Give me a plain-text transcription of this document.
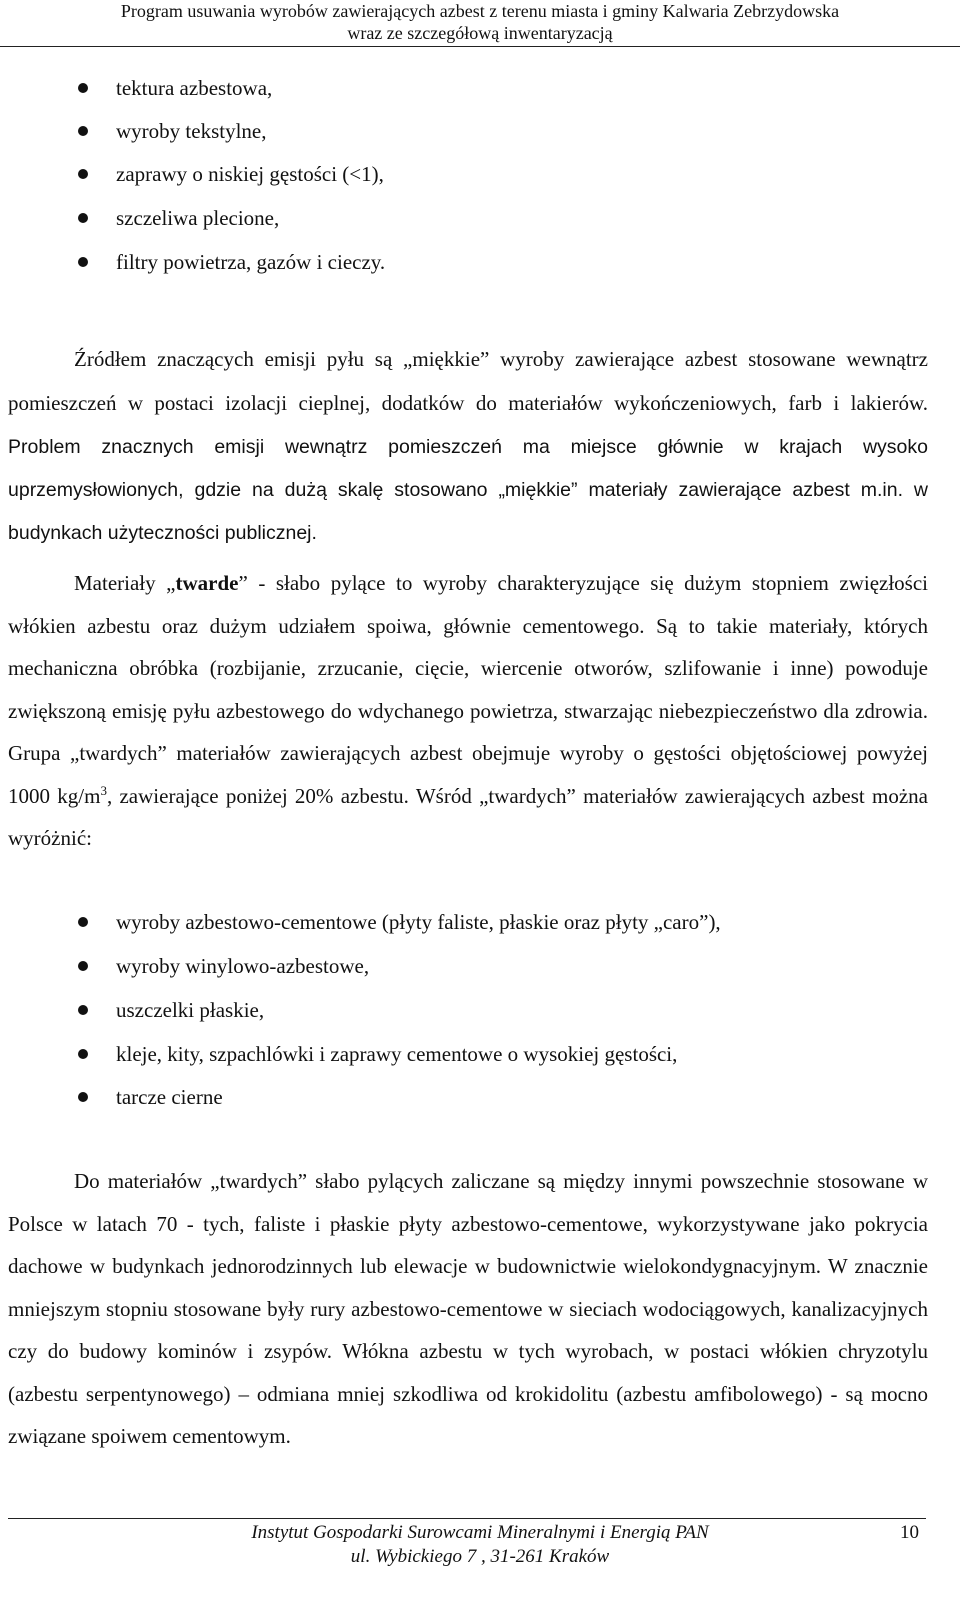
Program usuwania wyrobów zawierających azbest z terenu miasta i gminy Kalwaria Zebrzydowska
wraz ze szczegółową inwentaryzacją
tektura azbestowa,
wyroby tekstylne,
zaprawy o niskiej gęstości (<1),
szczeliwa plecione,
filtry powietrza, gazów i cieczy.
Źródłem znaczących emisji pyłu są „miękkie” wyroby zawierające azbest stosowane wewnątrz pomieszczeń w postaci izolacji cieplnej, dodatków do materiałów wykończeniowych, farb i lakierów. Problem znacznych emisji wewnątrz pomieszczeń ma miejsce głównie w krajach wysoko uprzemysłowionych, gdzie na dużą skalę stosowano „miękkie” materiały zawierające azbest m.in. w budynkach użyteczności publicznej.
Materiały „twarde” - słabo pylące to wyroby charakteryzujące się dużym stopniem zwięzłości włókien azbestu oraz dużym udziałem spoiwa, głównie cementowego. Są to takie materiały, których mechaniczna obróbka (rozbijanie, zrzucanie, cięcie, wiercenie otworów, szlifowanie i inne) powoduje zwiększoną emisję pyłu azbestowego do wdychanego powietrza, stwarzając niebezpieczeństwo dla zdrowia. Grupa „twardych” materiałów zawierających azbest obejmuje wyroby o gęstości objętościowej powyżej 1000 $kg/m^3$, zawierające poniżej 20% azbestu. Wśród „twardych” materiałów zawierających azbest można wyróżnić:
wyroby azbestowo-cementowe (płyty faliste, płaskie oraz płyty „caro”),
wyroby winylowo-azbestowe,
uszczelki płaskie,
kleje, kity, szpachlówki i zaprawy cementowe o wysokiej gęstości,
tarcze cierne
Do materiałów „twardych” słabo pylących zaliczane są między innymi powszechnie stosowane w Polsce w latach 70 - tych, faliste i płaskie płyty azbestowo-cementowe, wykorzystywane jako pokrycia dachowe w budynkach jednorodzinnych lub elewacje w budownictwie wielokondygnacyjnym. W znacznie mniejszym stopniu stosowane były rury azbestowo-cementowe w sieciach wodociągowych, kanalizacyjnych czy do budowy kominów i zsypów. Włókna azbestu w tych wyrobach, w postaci włókien chryzotylu (azbestu serpentynowego) – odmiana mniej szkodliwa od krokidolitu (azbestu amfibolowego) - są mocno związane spoiwem cementowym.
Instytut Gospodarki Surowcami Mineralnymi i Energią PAN
ul. Wybickiego 7 , 31-261 Kraków
10
